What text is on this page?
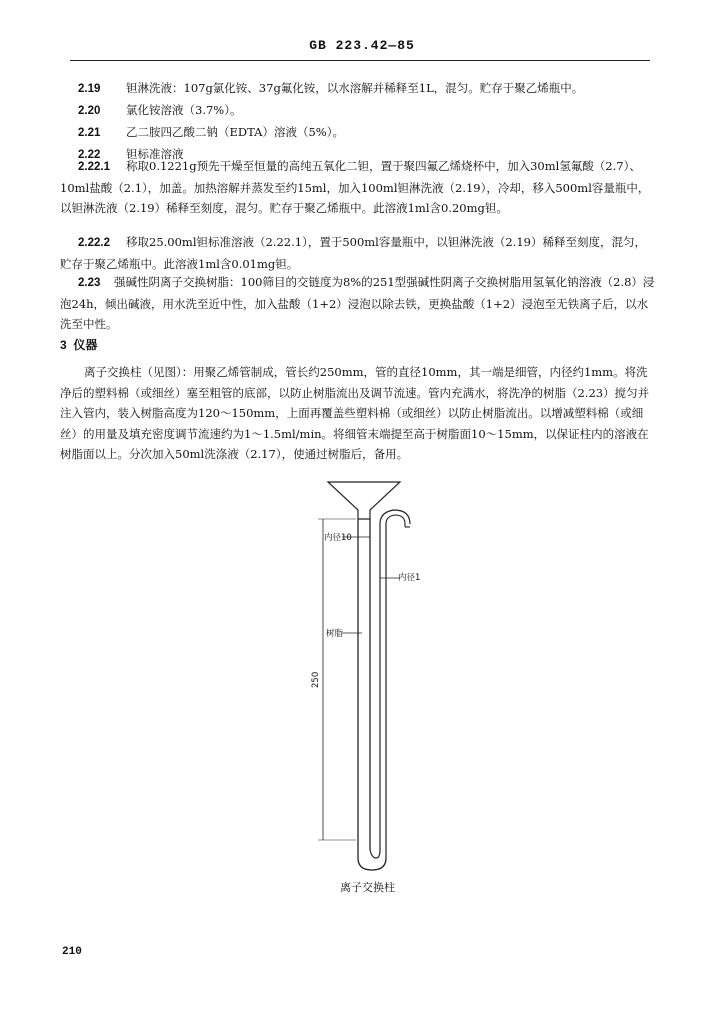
GB 223.42—85
2.19 钽淋洗液：107g氯化铵、37g氟化铵，以水溶解并稀释至1L，混匀。贮存于聚乙烯瓶中。
2.20 氯化铵溶液（3.7%）。
2.21 乙二胺四乙酸二钠（EDTA）溶液（5%）。
2.22 钽标准溶液
2.22.1 称取0.1221g预先干燥至恒量的高纯五氧化二钽，置于聚四氟乙烯烧杯中，加入30ml氢氟酸（2.7）、10ml盐酸（2.1），加盖。加热溶解并蒸发至约15ml，加入100ml钽淋洗液（2.19），冷却，移入500ml容量瓶中，以钽淋洗液（2.19）稀释至刻度，混匀。贮存于聚乙烯瓶中。此溶液1ml含0.20mg钽。
2.22.2 移取25.00ml钽标准溶液（2.22.1），置于500ml容量瓶中，以钽淋洗液（2.19）稀释至刻度，混匀，贮存于聚乙烯瓶中。此溶液1ml含0.01mg钽。
2.23 强碱性阴离子交换树脂：100筛目的交链度为8%的251型强碱性阴离子交换树脂用氢氧化钠溶液（2.8）浸泡24h，倾出碱液，用水洗至近中性，加入盐酸（1+2）浸泡以除去铁，更换盐酸（1+2）浸泡至无铁离子后，以水洗至中性。
3 仪器
离子交换柱（见图）：用聚乙烯管制成，管长约250mm，管的直径10mm，其一端是细管，内径约1mm。将洗净后的塑料棉（或细丝）塞至粗管的底部，以防止树脂流出及调节流速。管内充满水，将洗净的树脂（2.23）搅匀并注入管内，装入树脂高度为120～150mm，上面再覆盖些塑料棉（或细丝）以防止树脂流出。以增减塑料棉（或细丝）的用量及填充密度调节流速约为1～1.5ml/min。将细管末端提至高于树脂面10～15mm，以保证柱内的溶液在树脂面以上。分次加入50ml洗涤液（2.17），使通过树脂后，备用。
内径10
内径1
树脂
250
离子交换柱
210
